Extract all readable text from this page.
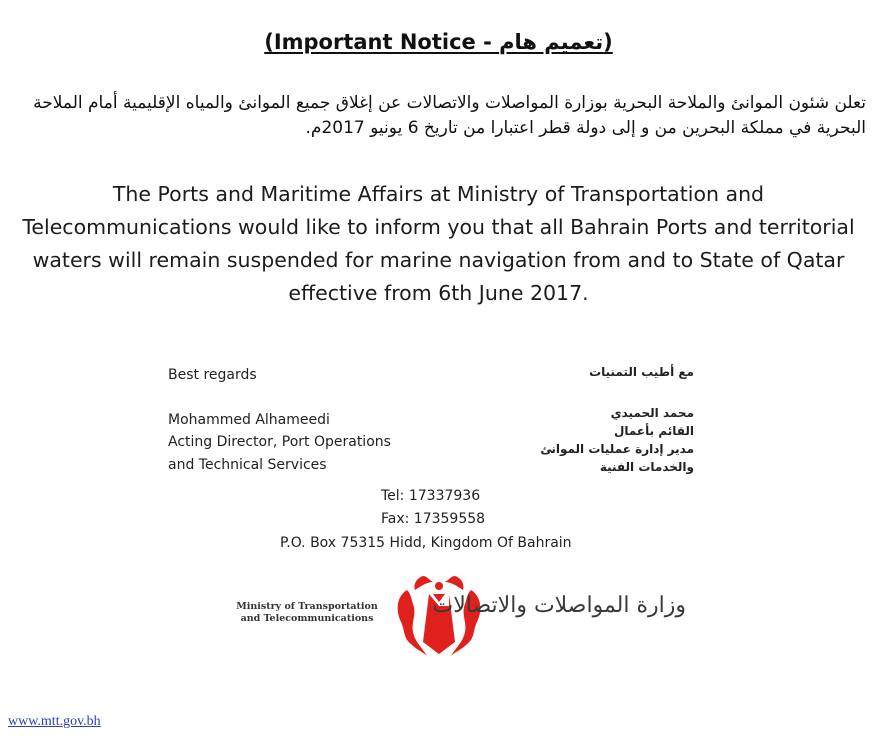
(Important Notice - تعميم هام)
تعلن شئون الموانئ والملاحة البحرية بوزارة المواصلات والاتصالات عن إغلاق جميع الموانئ والمياه الإقليمية أمام الملاحة البحرية في مملكة البحرين من و إلى دولة قطر اعتبارا من تاريخ 6 يونيو 2017م.
The Ports and Maritime Affairs at Ministry of Transportation and
Telecommunications would like to inform you that all Bahrain Ports and territorial
waters will remain suspended for marine navigation from and to State of Qatar
effective from 6th June 2017.
Best regards
Mohammed Alhameedi
Acting Director, Port Operations
and Technical Services
مع أطيب التمنيات
محمد الحميدي
القائم بأعمال
مدير إدارة عمليات الموانئ
والخدمات الفنية
Tel: 17337936
Fax: 17359558
P.O. Box 75315 Hidd, Kingdom Of Bahrain
Ministry of Transportation
and Telecommunications
وزارة المواصلات والاتصالات
www.mtt.gov.bh
